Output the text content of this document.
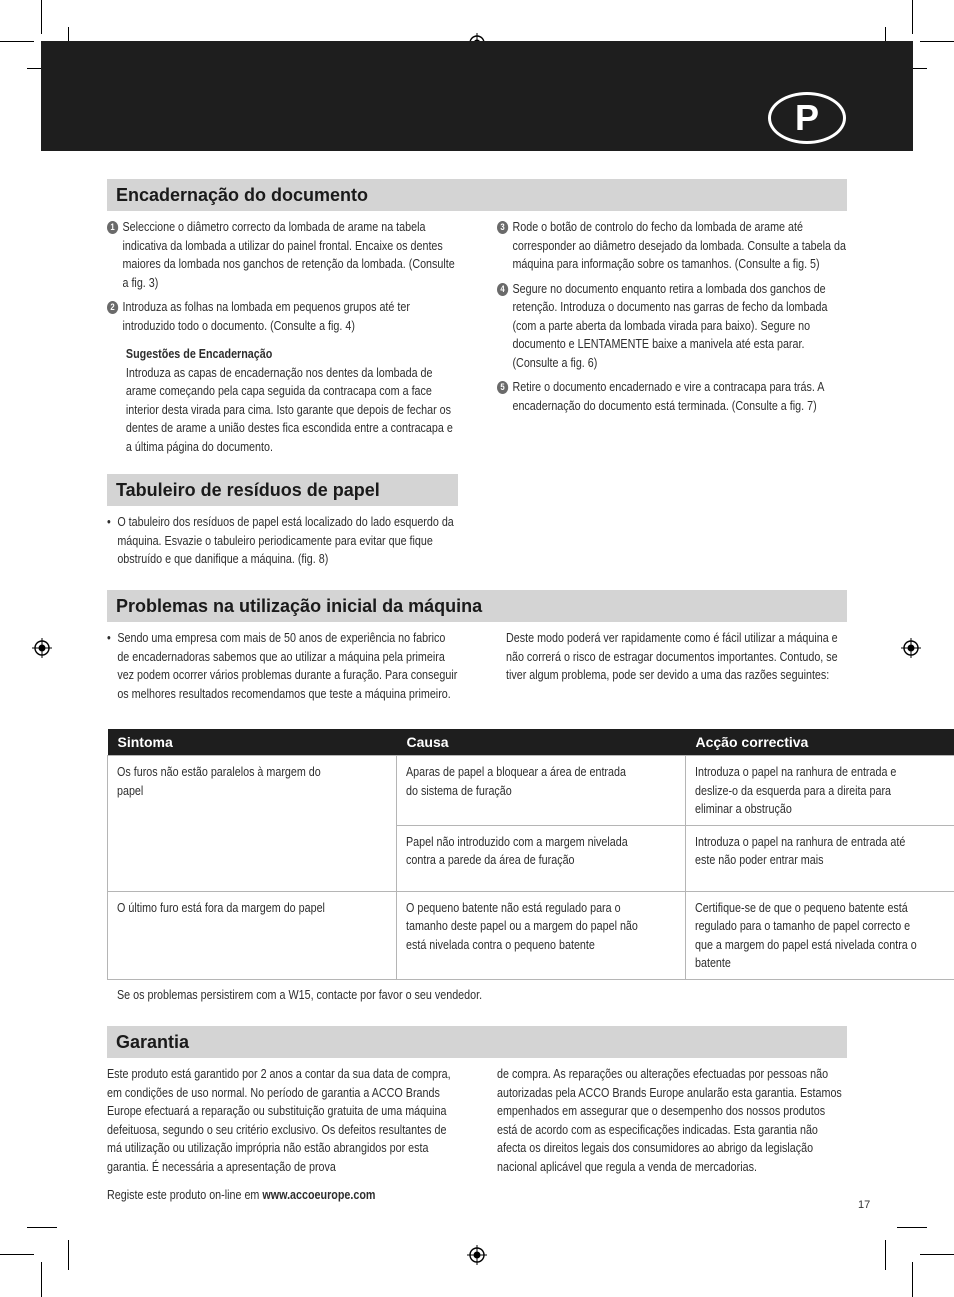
P
Encadernação do documento
1 Seleccione o diâmetro correcto da lombada de arame na tabela indicativa da lombada a utilizar do painel frontal. Encaixe os dentes maiores da lombada nos ganchos de retenção da lombada. (Consulte a fig. 3)
2 Introduza as folhas na lombada em pequenos grupos até ter introduzido todo o documento. (Consulte a fig. 4)
Sugestões de Encadernação
Introduza as capas de encadernação nos dentes da lombada de arame começando pela capa seguida da contracapa com a face interior desta virada para cima. Isto garante que depois de fechar os dentes de arame a união destes fica escondida entre a contracapa e a última página do documento.
3 Rode o botão de controlo do fecho da lombada de arame até corresponder ao diâmetro desejado da lombada. Consulte a tabela da máquina para informação sobre os tamanhos. (Consulte a fig. 5)
4 Segure no documento enquanto retira a lombada dos ganchos de retenção. Introduza o documento nas garras de fecho da lombada (com a parte aberta da lombada virada para baixo). Segure no documento e LENTAMENTE baixe a manivela até esta parar. (Consulte a fig. 6)
5 Retire o documento encadernado e vire a contracapa para trás. A encadernação do documento está terminada. (Consulte a fig. 7)
Tabuleiro de resíduos de papel
• O tabuleiro dos resíduos de papel está localizado do lado esquerdo da máquina. Esvazie o tabuleiro periodicamente para evitar que fique obstruído e que danifique a máquina. (fig. 8)
Problemas na utilização inicial da máquina
• Sendo uma empresa com mais de 50 anos de experiência no fabrico de encadernadoras sabemos que ao utilizar a máquina pela primeira vez podem ocorrer vários problemas durante a furação. Para conseguir os melhores resultados recomendamos que teste a máquina primeiro.
Deste modo poderá ver rapidamente como é fácil utilizar a máquina e não correrá o risco de estragar documentos importantes. Contudo, se tiver algum problema, pode ser devido a uma das razões seguintes:
Sintoma	Causa	Acção correctiva

Os furos não estão paralelos à margem do papel	Aparas de papel a bloquear a área de entrada do sistema de furação	Introduza o papel na ranhura de entrada e deslize-o da esquerda para a direita para eliminar a obstrução

	Papel não introduzido com a margem nivelada contra a parede da área de furação	Introduza o papel na ranhura de entrada até este não poder entrar mais

O último furo está fora da margem do papel	O pequeno batente não está regulado para o tamanho deste papel ou a margem do papel não está nivelada contra o pequeno batente	Certifique-se de que o pequeno batente está regulado para o tamanho de papel correcto e que a margem do papel está nivelada contra o batente
Se os problemas persistirem com a W15, contacte por favor o seu vendedor.
Garantia
Este produto está garantido por 2 anos a contar da sua data de compra, em condições de uso normal. No período de garantia a ACCO Brands Europe efectuará a reparação ou substituição gratuita de uma máquina defeituosa, segundo o seu critério exclusivo. Os defeitos resultantes de má utilização ou utilização imprópria não estão abrangidos por esta garantia. É necessária a apresentação de prova
de compra. As reparações ou alterações efectuadas por pessoas não autorizadas pela ACCO Brands Europe anularão esta garantia. Estamos empenhados em assegurar que o desempenho dos nossos produtos está de acordo com as especificações indicadas. Esta garantia não afecta os direitos legais dos consumidores ao abrigo da legislação nacional aplicável que regula a venda de mercadorias.
Registe este produto on-line em www.accoeurope.com
17
